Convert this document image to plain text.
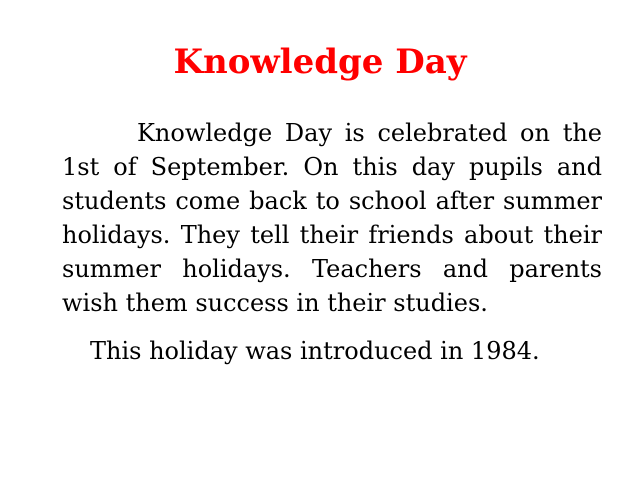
Knowledge Day

Knowledge Day is celebrated on the 1st of September. On this day pupils and students come back to school after summer holidays. They tell their friends about their summer holidays. Teachers and parents wish them success in their studies.

This holiday was introduced in 1984.
